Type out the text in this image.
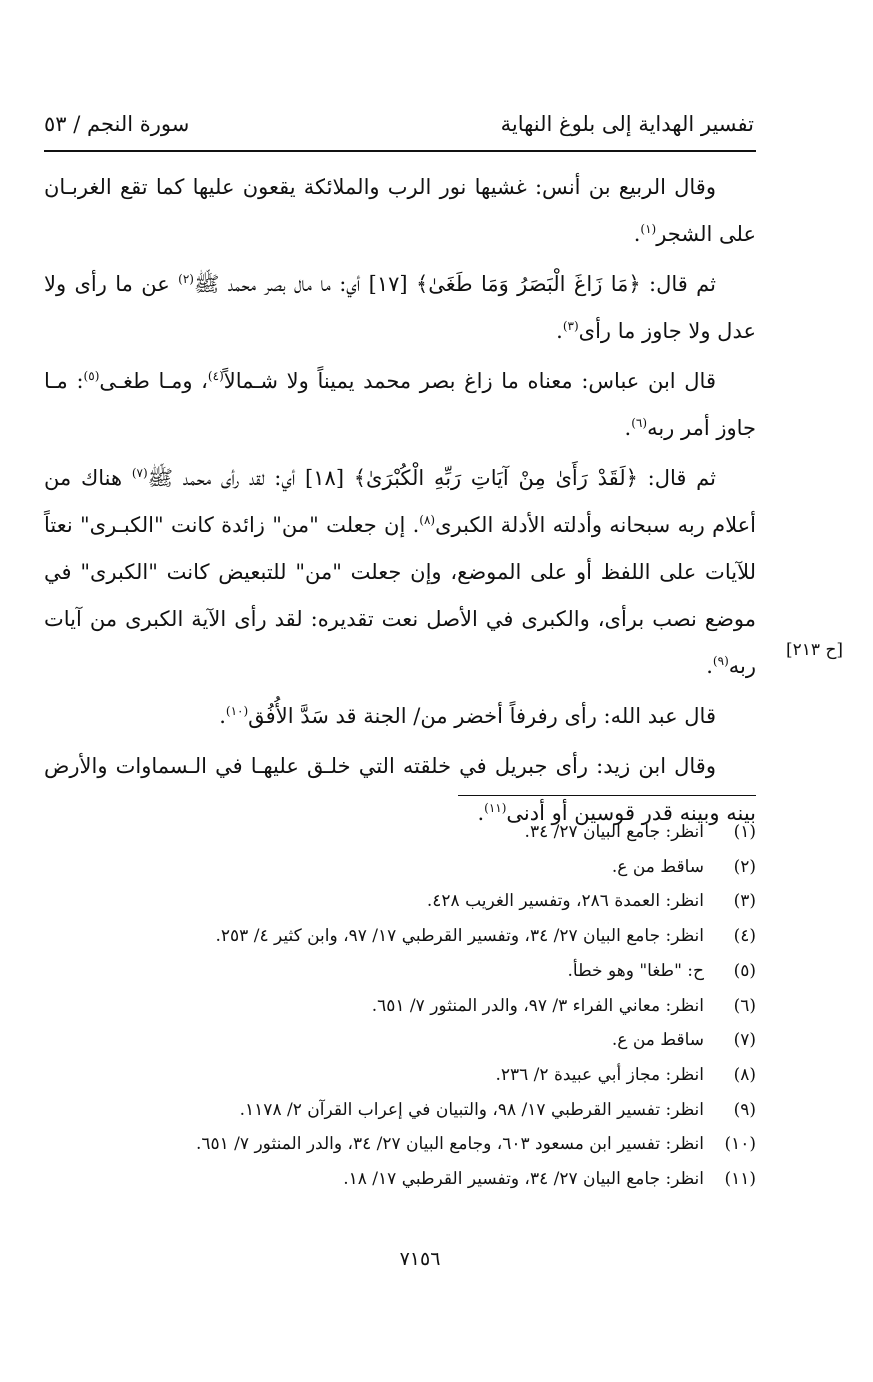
تفسير الهداية إلى بلوغ النهاية
سورة النجم / ٥٣

وقال الربيع بن أنس: غشيها نور الرب والملائكة يقعون عليها كما تقع الغربـان على الشجر$^{(١)}$.

ثم قال: ﴿مَا زَاغَ الْبَصَرُ وَمَا طَغَىٰ﴾ [١٧] أي: ما مال بصر محمد ﷺ$^{(٢)}$ عن ما رأى ولا عدل ولا جاوز ما رأى$^{(٣)}$.

قال ابن عباس: معناه ما زاغ بصر محمد يميناً ولا شـمالاً$^{(٤)}$، ومـا طغـى$^{(٥)}$: مـا جاوز أمر ربه$^{(٦)}$.

ثم قال: ﴿لَقَدْ رَأَىٰ مِنْ آيَاتِ رَبِّهِ الْكُبْرَىٰ﴾ [١٨] أي: لقد رأى محمد ﷺ$^{(٧)}$ هناك من أعلام ربه سبحانه وأدلته الأدلة الكبرى$^{(٨)}$. إن جعلت "من" زائدة كانت "الكبـرى" نعتاً للآيات على اللفظ أو على الموضع، وإن جعلت "من" للتبعيض كانت "الكبرى" في موضع نصب برأى، والكبرى في الأصل نعت تقديره: لقد رأى الآية الكبرى من آيات ربه$^{(٩)}$.

قال عبد الله: رأى رفرفاً أخضر من/ الجنة قد سَدَّ الأُفُق$^{(١٠)}$.

وقال ابن زيد: رأى جبريل في خلقته التي خلـق عليهـا في الـسماوات والأرض بينه وبينه قدر قوسين أو أدنى$^{(١١)}$.

[ح ٢١٣]
(١)
انظر: جامع البيان ٢٧/ ٣٤.
(٢)
ساقط من ع.
(٣)
انظر: العمدة ٢٨٦، وتفسير الغريب ٤٢٨.
(٤)
انظر: جامع البيان ٢٧/ ٣٤، وتفسير القرطبي ١٧/ ٩٧، وابن كثير ٤/ ٢٥٣.
(٥)
ح: "طغا" وهو خطأ.
(٦)
انظر: معاني الفراء ٣/ ٩٧، والدر المنثور ٧/ ٦٥١.
(٧)
ساقط من ع.
(٨)
انظر: مجاز أبي عبيدة ٢/ ٢٣٦.
(٩)
انظر: تفسير القرطبي ١٧/ ٩٨، والتبيان في إعراب القرآن ٢/ ١١٧٨.
(١٠)
انظر: تفسير ابن مسعود ٦٠٣، وجامع البيان ٢٧/ ٣٤، والدر المنثور ٧/ ٦٥١.
(١١)
انظر: جامع البيان ٢٧/ ٣٤، وتفسير القرطبي ١٧/ ١٨.
٧١٥٦
